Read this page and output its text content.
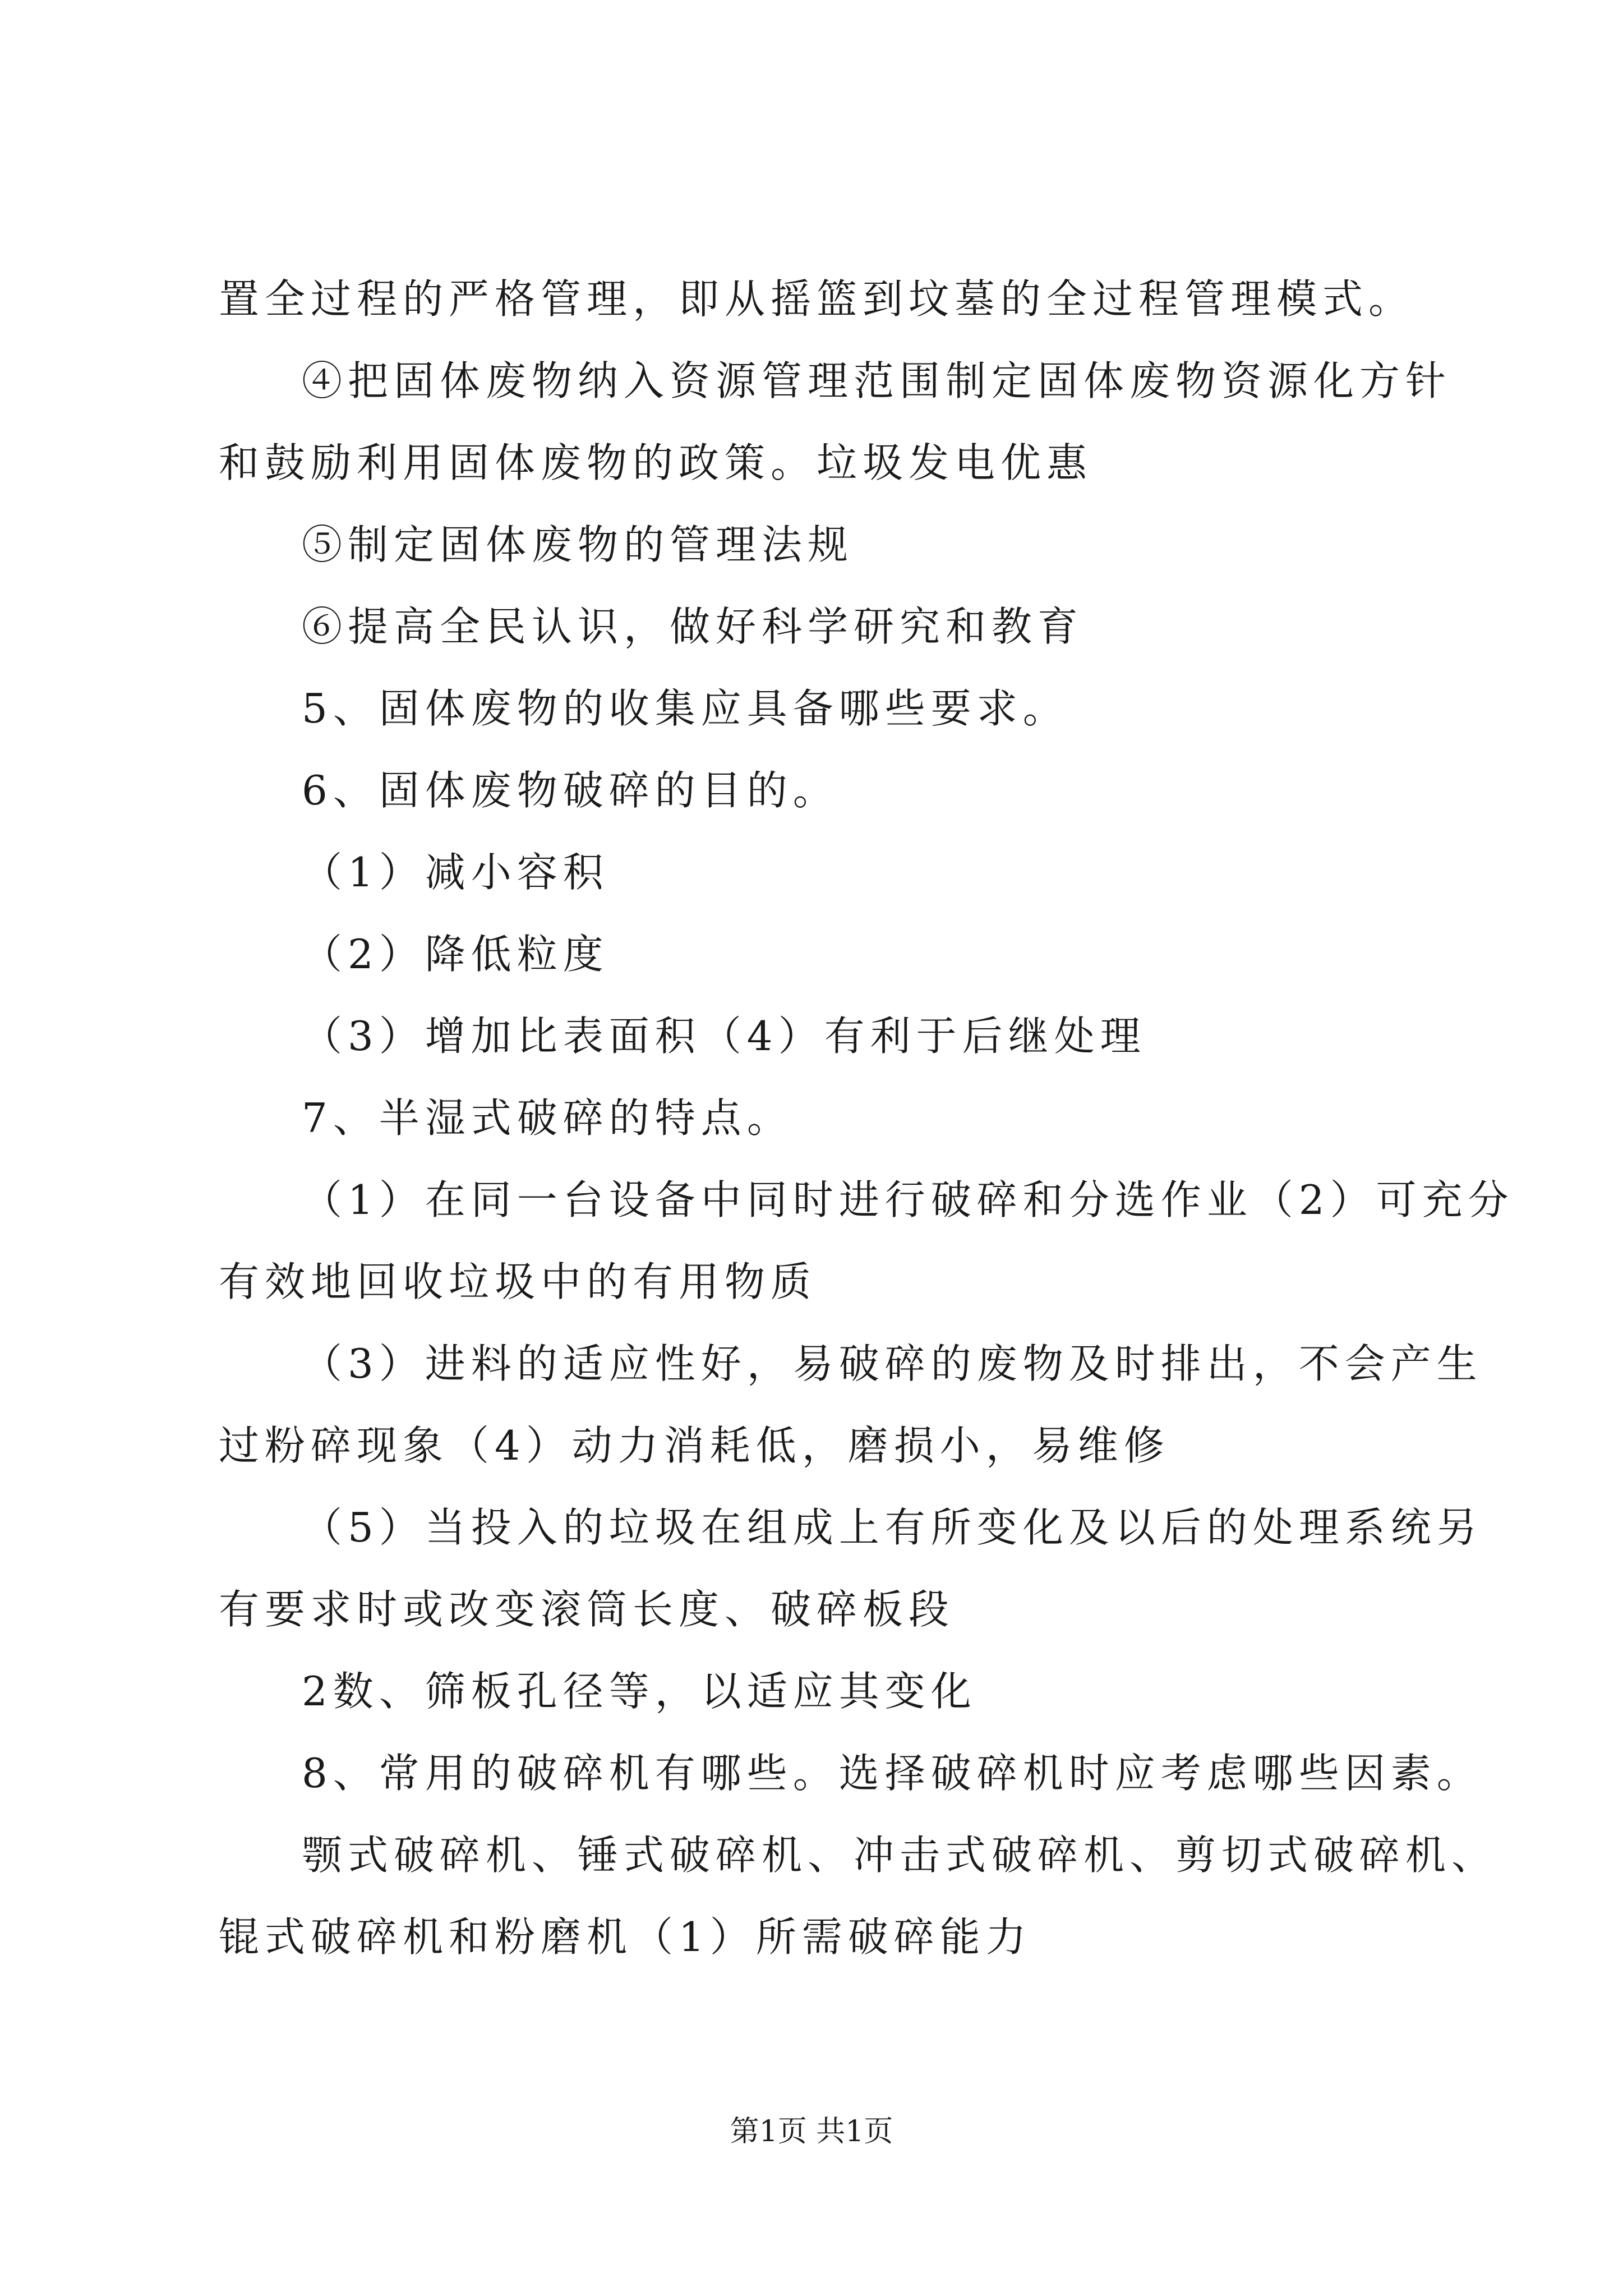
置全过程的严格管理，即从摇篮到坟墓的全过程管理模式。
④把固体废物纳入资源管理范围制定固体废物资源化方针
和鼓励利用固体废物的政策。垃圾发电优惠
⑤制定固体废物的管理法规
⑥提高全民认识，做好科学研究和教育
5、固体废物的收集应具备哪些要求。
6、固体废物破碎的目的。
（1）减小容积
（2）降低粒度
（3）增加比表面积（4）有利于后继处理
7、半湿式破碎的特点。
（1）在同一台设备中同时进行破碎和分选作业（2）可充分
有效地回收垃圾中的有用物质
（3）进料的适应性好，易破碎的废物及时排出，不会产生
过粉碎现象（4）动力消耗低，磨损小，易维修
（5）当投入的垃圾在组成上有所变化及以后的处理系统另
有要求时或改变滚筒长度、破碎板段
2数、筛板孔径等，以适应其变化
8、常用的破碎机有哪些。选择破碎机时应考虑哪些因素。
颚式破碎机、锤式破碎机、冲击式破碎机、剪切式破碎机、
锟式破碎机和粉磨机（1）所需破碎能力
第1页 共1页
